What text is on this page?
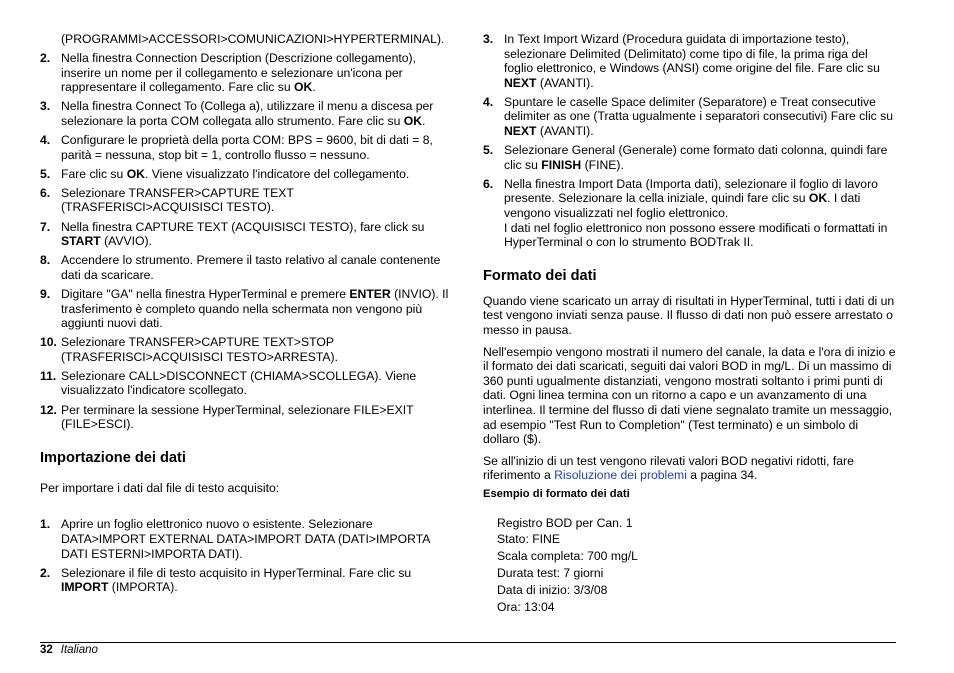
(PROGRAMMI>ACCESSORI>COMUNICAZIONI>HYPERTERMINAL).

2. Nella finestra Connection Description (Descrizione collegamento), inserire un nome per il collegamento e selezionare un'icona per rappresentare il collegamento. Fare clic su OK.
3. Nella finestra Connect To (Collega a), utilizzare il menu a discesa per selezionare la porta COM collegata allo strumento. Fare clic su OK.
4. Configurare le proprietà della porta COM: BPS = 9600, bit di dati = 8, parità = nessuna, stop bit = 1, controllo flusso = nessuno.
5. Fare clic su OK. Viene visualizzato l'indicatore del collegamento.
6. Selezionare TRANSFER>CAPTURE TEXT (TRASFERISCI>ACQUISISCI TESTO).
7. Nella finestra CAPTURE TEXT (ACQUISISCI TESTO), fare click su START (AVVIO).
8. Accendere lo strumento. Premere il tasto relativo al canale contenente dati da scaricare.
9. Digitare "GA" nella finestra HyperTerminal e premere ENTER (INVIO). Il trasferimento è completo quando nella schermata non vengono più aggiunti nuovi dati.
10. Selezionare TRANSFER>CAPTURE TEXT>STOP (TRASFERISCI>ACQUISISCI TESTO>ARRESTA).
11. Selezionare CALL>DISCONNECT (CHIAMA>SCOLLEGA). Viene visualizzato l'indicatore scollegato.
12. Per terminare la sessione HyperTerminal, selezionare FILE>EXIT (FILE>ESCI).
Importazione dei dati

Per importare i dati dal file di testo acquisito:

1. Aprire un foglio elettronico nuovo o esistente. Selezionare DATA>IMPORT EXTERNAL DATA>IMPORT DATA (DATI>IMPORTA DATI ESTERNI>IMPORTA DATI).
2. Selezionare il file di testo acquisito in HyperTerminal. Fare clic su IMPORT (IMPORTA).
3. In Text Import Wizard (Procedura guidata di importazione testo), selezionare Delimited (Delimitato) come tipo di file, la prima riga del foglio elettronico, e Windows (ANSI) come origine del file. Fare clic su NEXT (AVANTI).
4. Spuntare le caselle Space delimiter (Separatore) e Treat consecutive delimiter as one (Tratta ugualmente i separatori consecutivi) Fare clic su NEXT (AVANTI).
5. Selezionare General (Generale) come formato dati colonna, quindi fare clic su FINISH (FINE).
6. Nella finestra Import Data (Importa dati), selezionare il foglio di lavoro presente. Selezionare la cella iniziale, quindi fare clic su OK. I dati vengono visualizzati nel foglio elettronico.
I dati nel foglio elettronico non possono essere modificati o formattati in HyperTerminal o con lo strumento BODTrak II.
Formato dei dati

Quando viene scaricato un array di risultati in HyperTerminal, tutti i dati di un test vengono inviati senza pause. Il flusso di dati non può essere arrestato o messo in pausa.

Nell'esempio vengono mostrati il numero del canale, la data e l'ora di inizio e il formato dei dati scaricati, seguiti dai valori BOD in mg/L. Di un massimo di 360 punti ugualmente distanziati, vengono mostrati soltanto i primi punti di dati. Ogni linea termina con un ritorno a capo e un avanzamento di una interlinea. Il termine del flusso di dati viene segnalato tramite un messaggio, ad esempio "Test Run to Completion" (Test terminato) e un simbolo di dollaro ($).

Se all'inizio di un test vengono rilevati valori BOD negativi ridotti, fare riferimento a Risoluzione dei problemi a pagina 34.

Esempio di formato dei dati

Registro BOD per Can. 1
Stato: FINE
Scala completa: 700 mg/L
Durata test: 7 giorni
Data di inizio: 3/3/08
Ora: 13:04
32 Italiano
